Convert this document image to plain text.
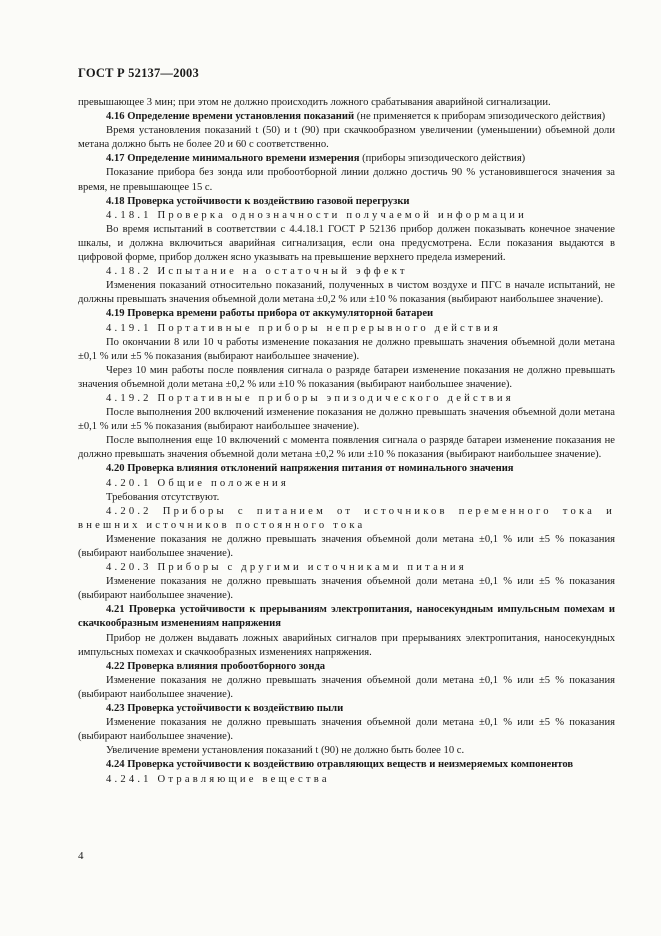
ГОСТ Р 52137—2003

превышающее 3 мин; при этом не должно происходить ложного срабатывания аварийной сигнализации.

4.16 Определение времени установления показаний (не применяется к приборам эпизодического действия)

Время установления показаний t (50) и t (90) при скачкообразном увеличении (уменьшении) объемной доли метана должно быть не более 20 и 60 с соответственно.

4.17 Определение минимального времени измерения (приборы эпизодического действия)

Показание прибора без зонда или пробоотборной линии должно достичь 90 % установившегося значения за время, не превышающее 15 с.

4.18 Проверка устойчивости к воздействию газовой перегрузки

4.18.1 Проверка однозначности получаемой информации

Во время испытаний в соответствии с 4.4.18.1 ГОСТ Р 52136 прибор должен показывать конечное значение шкалы, и должна включиться аварийная сигнализация, если она предусмотрена. Если показания выдаются в цифровой форме, прибор должен ясно указывать на превышение верхнего предела измерений.

4.18.2 Испытание на остаточный эффект

Изменения показаний относительно показаний, полученных в чистом воздухе и ПГС в начале испытаний, не должны превышать значения объемной доли метана ±0,2 % или ±10 % показания (выбирают наибольшее значение).

4.19 Проверка времени работы прибора от аккумуляторной батареи

4.19.1 Портативные приборы непрерывного действия

По окончании 8 или 10 ч работы изменение показания не должно превышать значения объемной доли метана ±0,1 % или ±5 % показания (выбирают наибольшее значение).

Через 10 мин работы после появления сигнала о разряде батареи изменение показания не должно превышать значения объемной доли метана ±0,2 % или ±10 % показания (выбирают наибольшее значение).

4.19.2 Портативные приборы эпизодического действия

После выполнения 200 включений изменение показания не должно превышать значения объемной доли метана ±0,1 % или ±5 % показания (выбирают наибольшее значение).

После выполнения еще 10 включений с момента появления сигнала о разряде батареи изменение показания не должно превышать значения объемной доли метана ±0,2 % или ±10 % показания (выбирают наибольшее значение).

4.20 Проверка влияния отклонений напряжения питания от номинального значения

4.20.1 Общие положения

Требования отсутствуют.

4.20.2 Приборы с питанием от источников переменного тока и внешних источников постоянного тока

Изменение показания не должно превышать значения объемной доли метана ±0,1 % или ±5 % показания (выбирают наибольшее значение).

4.20.3 Приборы с другими источниками питания

Изменение показания не должно превышать значения объемной доли метана ±0,1 % или ±5 % показания (выбирают наибольшее значение).

4.21 Проверка устойчивости к прерываниям электропитания, наносекундным импульсным помехам и скачкообразным изменениям напряжения

Прибор не должен выдавать ложных аварийных сигналов при прерываниях электропитания, наносекундных импульсных помехах и скачкообразных изменениях напряжения.

4.22 Проверка влияния пробоотборного зонда

Изменение показания не должно превышать значения объемной доли метана ±0,1 % или ±5 % показания (выбирают наибольшее значение).

4.23 Проверка устойчивости к воздействию пыли

Изменение показания не должно превышать значения объемной доли метана ±0,1 % или ±5 % показания (выбирают наибольшее значение).

Увеличение времени установления показаний t (90) не должно быть более 10 с.

4.24 Проверка устойчивости к воздействию отравляющих веществ и неизмеряемых компонентов

4.24.1 Отравляющие вещества

4
